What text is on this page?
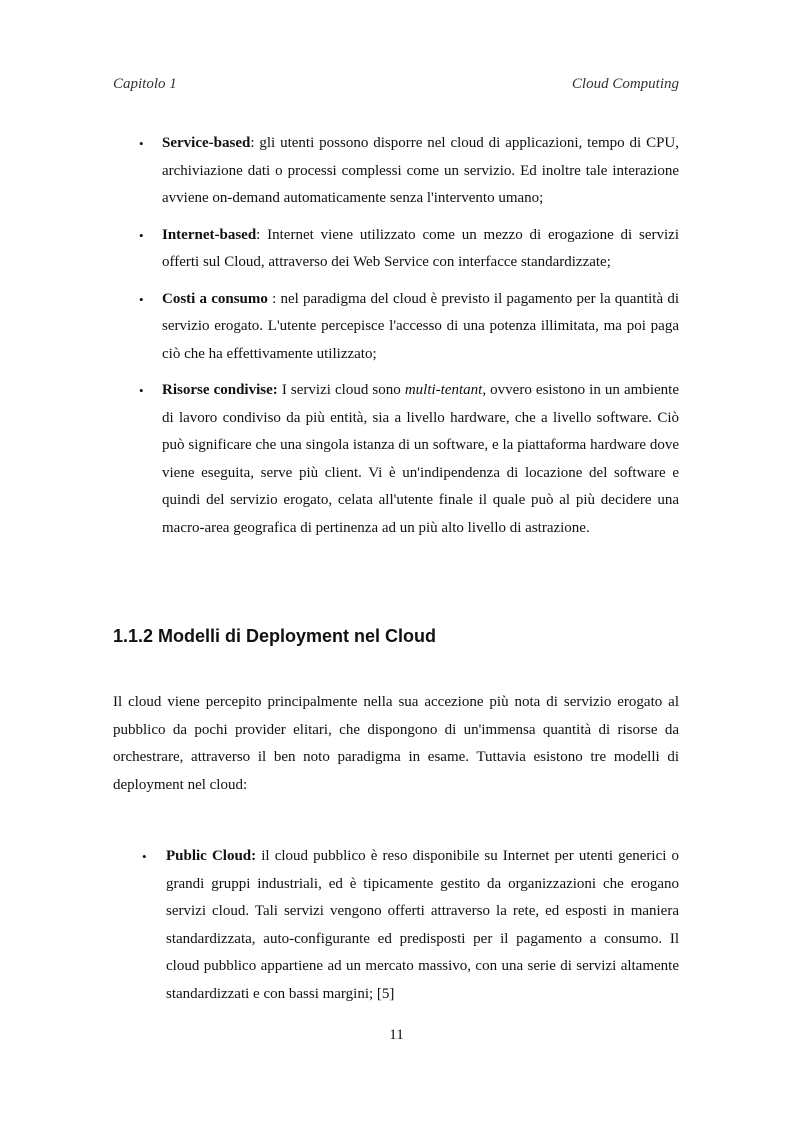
Capitolo 1	Cloud Computing
• Service-based: gli utenti possono disporre nel cloud di applicazioni, tempo di CPU, archiviazione dati o processi complessi come un servizio. Ed inoltre tale interazione avviene on-demand automaticamente senza l'intervento umano;
• Internet-based: Internet viene utilizzato come un mezzo di erogazione di servizi offerti sul Cloud, attraverso dei Web Service con interfacce standardizzate;
• Costi a consumo : nel paradigma del cloud è previsto il pagamento per la quantità di servizio erogato. L'utente percepisce l'accesso di una potenza illimitata, ma poi paga ciò che ha effettivamente utilizzato;
• Risorse condivise: I servizi cloud sono multi-tentant, ovvero esistono in un ambiente di lavoro condiviso da più entità, sia a livello hardware, che a livello software. Ciò può significare che una singola istanza di un software, e la piattaforma hardware dove viene eseguita, serve più client. Vi è un'indipendenza di locazione del software e quindi del servizio erogato, celata all'utente finale il quale può al più decidere una macro-area geografica di pertinenza ad un più alto livello di astrazione.
1.1.2 Modelli di Deployment nel Cloud

Il cloud viene percepito principalmente nella sua accezione più nota di servizio erogato al pubblico da pochi provider elitari, che dispongono di un'immensa quantità di risorse da orchestrare, attraverso il ben noto paradigma in esame. Tuttavia esistono tre modelli di deployment nel cloud:

• Public Cloud: il cloud pubblico è reso disponibile su Internet per utenti generici o grandi gruppi industriali, ed è tipicamente gestito da organizzazioni che erogano servizi cloud. Tali servizi vengono offerti attraverso la rete, ed esposti in maniera standardizzata, auto-configurante ed predisposti per il pagamento a consumo. Il cloud pubblico appartiene ad un mercato massivo, con una serie di servizi altamente standardizzati e con bassi margini; [5]
11
